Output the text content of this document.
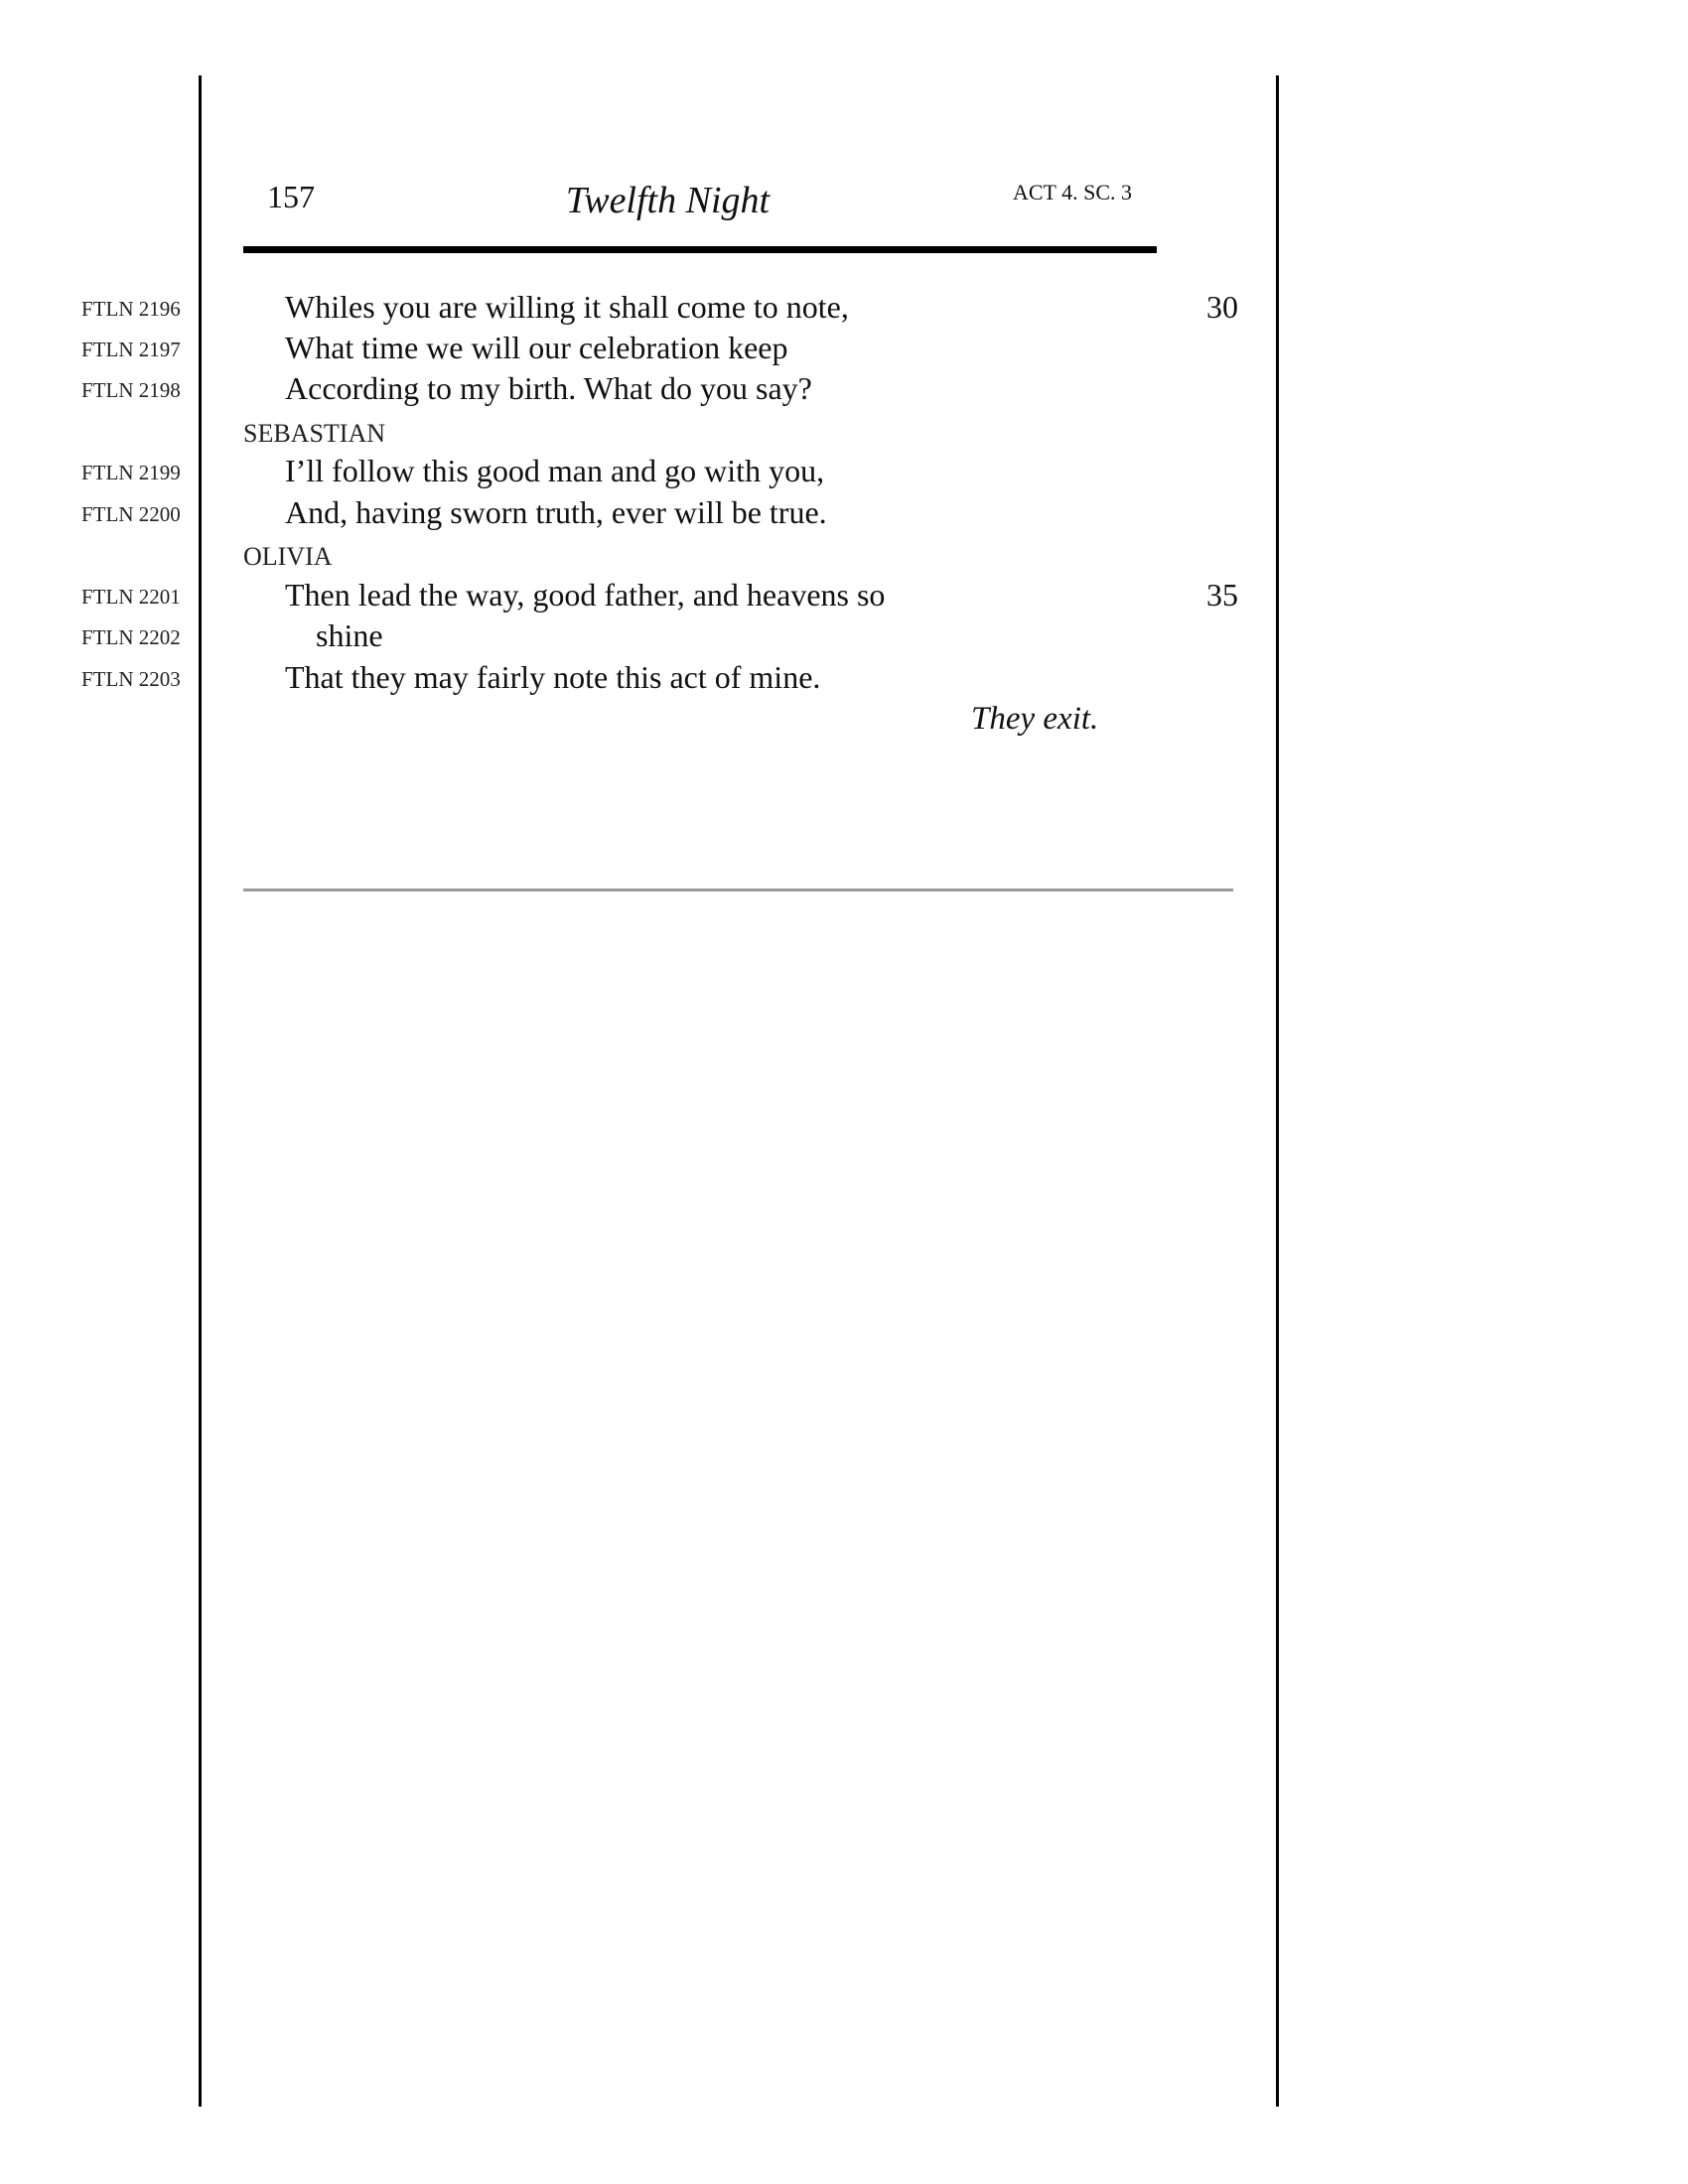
157	Twelfth Night	ACT 4. SC. 3
FTLN 2196	Whiles you are willing it shall come to note,	30
FTLN 2197	What time we will our celebration keep
FTLN 2198	According to my birth. What do you say?
SEBASTIAN
FTLN 2199	I’ll follow this good man and go with you,
FTLN 2200	And, having sworn truth, ever will be true.
OLIVIA
FTLN 2201	Then lead the way, good father, and heavens so	35
FTLN 2202	shine
FTLN 2203	That they may fairly note this act of mine.
They exit.
